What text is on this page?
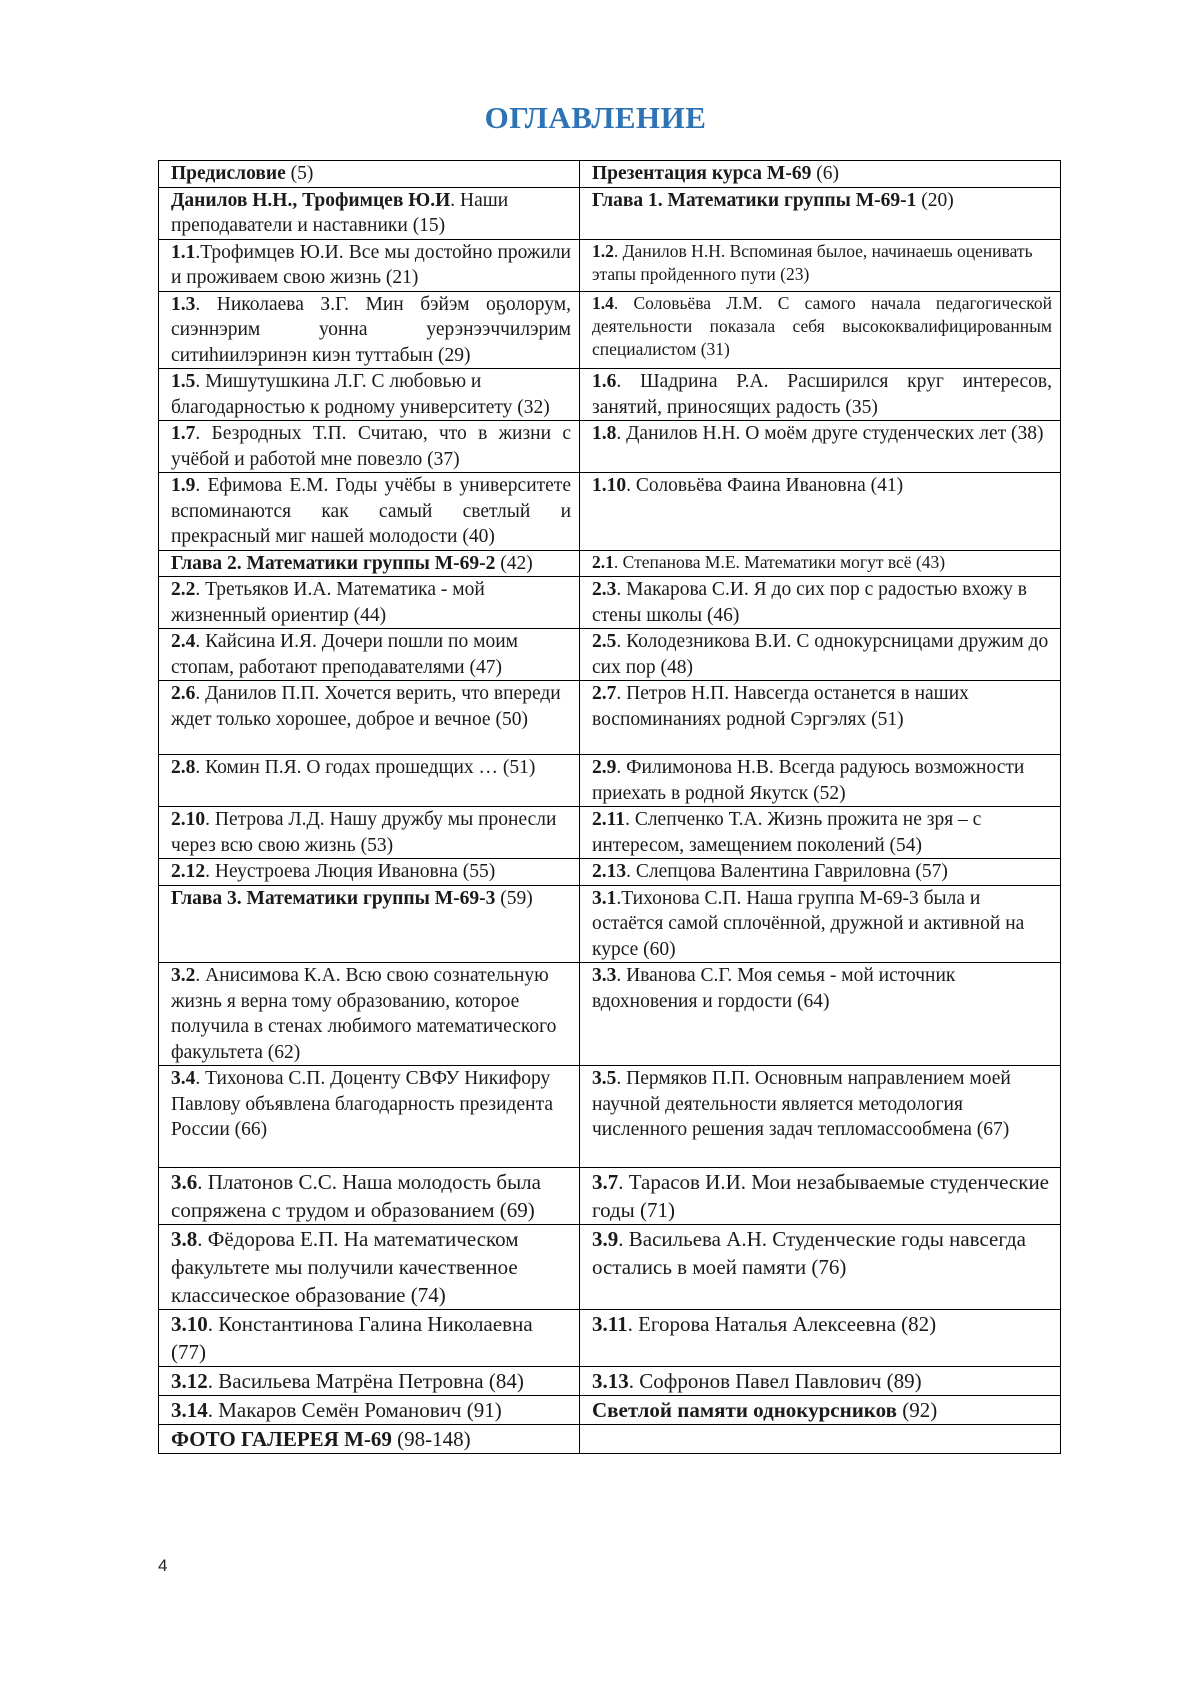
ОГЛАВЛЕНИЕ
Предисловие (5)	Презентация курса М-69 (6)
Данилов Н.Н., Трофимцев Ю.И. Наши преподаватели и наставники (15)	Глава 1. Математики группы М-69-1 (20)
1.1.Трофимцев Ю.И. Все мы достойно прожили и проживаем свою жизнь (21)	1.2. Данилов Н.Н. Вспоминая былое, начинаешь оценивать этапы пройденного пути (23)
1.3. Николаева З.Г. Мин бэйэм оҕолорум, сиэннэрим уонна уерэнээччилэрим ситиһиилэринэн киэн туттабын (29)	1.4. Соловьёва Л.М. С самого начала педагогической деятельности показала себя высококвалифицированным специалистом (31)
1.5. Мишутушкина Л.Г. С любовью и благодарностью к родному университету (32)	1.6. Шадрина Р.А. Расширился круг интересов, занятий, приносящих радость (35)
1.7. Безродных Т.П. Считаю, что в жизни с учёбой и работой мне повезло (37)	1.8. Данилов Н.Н. О моём друге студенческих лет (38)
1.9. Ефимова Е.М. Годы учёбы в университете вспоминаются как самый светлый и прекрасный миг нашей молодости (40)	1.10. Соловьёва Фаина Ивановна (41)
Глава 2. Математики группы М-69-2 (42)	2.1. Степанова М.Е. Математики могут всё (43)
2.2. Третьяков И.А. Математика - мой жизненный ориентир (44)	2.3. Макарова С.И. Я до сих пор с радостью вхожу в стены школы (46)
2.4. Кайсина И.Я. Дочери пошли по моим стопам, работают преподавателями (47)	2.5. Колодезникова В.И. С однокурсницами дружим до сих пор (48)
2.6. Данилов П.П. Хочется верить, что впереди ждет только хорошее, доброе и вечное (50)	2.7. Петров Н.П. Навсегда останется в наших воспоминаниях родной Сэргэлях (51)
2.8. Комин П.Я. О годах прошедщих … (51)	2.9. Филимонова Н.В. Всегда радуюсь возможности приехать в родной Якутск (52)
2.10. Петрова Л.Д. Нашу дружбу мы пронесли через всю свою жизнь (53)	2.11. Слепченко Т.А. Жизнь прожита не зря – с интересом, замещением поколений (54)
2.12. Неустроева Люция Ивановна (55)	2.13. Слепцова Валентина Гавриловна (57)
Глава 3. Математики группы М-69-3 (59)	3.1.Тихонова С.П. Наша группа М-69-3 была и остаётся самой сплочённой, дружной и активной на курсе (60)
3.2. Анисимова К.А. Всю свою сознательную жизнь я верна тому образованию, которое получила в стенах любимого математического факультета (62)	3.3. Иванова С.Г. Моя семья - мой источник вдохновения и гордости (64)
3.4. Тихонова С.П. Доценту СВФУ Никифору Павлову объявлена благодарность президента России (66)	3.5. Пермяков П.П. Основным направлением моей научной деятельности является методология численного решения задач тепломассообмена (67)
3.6. Платонов С.С. Наша молодость была сопряжена с трудом и образованием (69)	3.7. Тарасов И.И. Мои незабываемые студенческие годы (71)
3.8. Фёдорова Е.П. На математическом факультете мы получили качественное классическое образование (74)	3.9. Васильева А.Н. Студенческие годы навсегда остались в моей памяти (76)
3.10. Константинова Галина Николаевна (77)	3.11. Егорова Наталья Алексеевна (82)
3.12. Васильева Матрёна Петровна (84)	3.13. Софронов Павел Павлович (89)
3.14. Макаров Семён Романович (91)	Светлой памяти однокурсников (92)
ФОТО ГАЛЕРЕЯ М-69 (98-148)	
4
